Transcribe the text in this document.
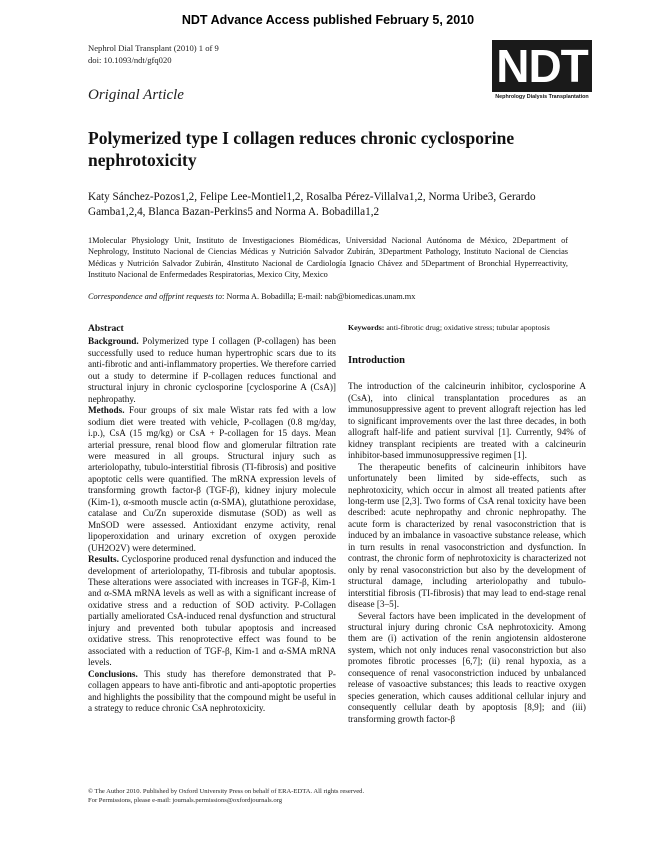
NDT Advance Access published February 5, 2010
Nephrol Dial Transplant (2010) 1 of 9
doi: 10.1093/ndt/gfq020	NDT
Nephrology Dialysis Transplantation
Original Article
Polymerized type I collagen reduces chronic cyclosporine nephrotoxicity
Katy Sánchez-Pozos1,2, Felipe Lee-Montiel1,2, Rosalba Pérez-Villalva1,2, Norma Uribe3, Gerardo Gamba1,2,4, Blanca Bazan-Perkins5 and Norma A. Bobadilla1,2
1Molecular Physiology Unit, Instituto de Investigaciones Biomédicas, Universidad Nacional Autónoma de México, 2Department of Nephrology, Instituto Nacional de Ciencias Médicas y Nutrición Salvador Zubirán, 3Department Pathology, Instituto Nacional de Ciencias Médicas y Nutrición Salvador Zubirán, 4Instituto Nacional de Cardiología Ignacio Chávez and 5Department of Bronchial Hyperreactivity, Instituto Nacional de Enfermedades Respiratorias, Mexico City, Mexico
Correspondence and offprint requests to: Norma A. Bobadilla; E-mail: nab@biomedicas.unam.mx
Abstract

Background. Polymerized type I collagen (P-collagen) has been successfully used to reduce human hypertrophic scars due to its anti-fibrotic and anti-inflammatory properties. We therefore carried out a study to determine if P-collagen reduces functional and structural injury in chronic cyclosporine [cyclosporine A (CsA)] nephropathy.

Methods. Four groups of six male Wistar rats fed with a low sodium diet were treated with vehicle, P-collagen (0.8 mg/day, i.p.), CsA (15 mg/kg) or CsA + P-collagen for 15 days. Mean arterial pressure, renal blood flow and glomerular filtration rate were measured in all groups. Structural injury such as arteriolopathy, tubulo-interstitial fibrosis (TI-fibrosis) and positive apoptotic cells were quantified. The mRNA expression levels of transforming growth factor-β (TGF-β), kidney injury molecule (Kim-1), α-smooth muscle actin (α-SMA), glutathione peroxidase, catalase and Cu/Zn superoxide dismutase (SOD) as well as MnSOD were assessed. Antioxidant enzyme activity, renal lipoperoxidation and urinary excretion of oxygen peroxide (UH2O2V) were determined.

Results. Cyclosporine produced renal dysfunction and induced the development of arteriolopathy, TI-fibrosis and tubular apoptosis. These alterations were associated with increases in TGF-β, Kim-1 and α-SMA mRNA levels as well as with a significant increase of oxidative stress and a reduction of SOD activity. P-Collagen partially ameliorated CsA-induced renal dysfunction and structural injury and prevented both tubular apoptosis and increased oxidative stress. This renoprotective effect was found to be associated with a reduction of TGF-β, Kim-1 and α-SMA mRNA levels.

Conclusions. This study has therefore demonstrated that P-collagen appears to have anti-fibrotic and anti-apoptotic properties and highlights the possibility that the compound might be useful in a strategy to reduce chronic CsA nephrotoxicity.

Keywords: anti-fibrotic drug; oxidative stress; tubular apoptosis
Introduction

The introduction of the calcineurin inhibitor, cyclosporine A (CsA), into clinical transplantation procedures as an immunosuppressive agent to prevent allograft rejection has led to significant improvements over the last three decades, in both allograft half-life and patient survival [1]. Currently, 94% of kidney transplant recipients are treated with a calcineurin inhibitor-based immunosuppressive regimen [1].

The therapeutic benefits of calcineurin inhibitors have unfortunately been limited by side-effects, such as nephrotoxicity, which occur in almost all treated patients after long-term use [2,3]. Two forms of CsA renal toxicity have been described: acute nephropathy and chronic nephropathy. The acute form is characterized by renal vasoconstriction that is induced by an imbalance in vasoactive substance release, which in turn results in renal vasoconstriction and dysfunction. In contrast, the chronic form of nephrotoxicity is characterized not only by renal vasoconstriction but also by the development of structural damage, including arteriolopathy and tubulo-interstitial fibrosis (TI-fibrosis) that may lead to end-stage renal disease [3–5].

Several factors have been implicated in the development of structural injury during chronic CsA nephrotoxicity. Among them are (i) activation of the renin angiotensin aldosterone system, which not only induces renal vasoconstriction but also promotes fibrotic processes [6,7]; (ii) renal hypoxia, as a consequence of renal vasoconstriction induced by unbalanced release of vasoactive substances; this leads to reactive oxygen species generation, which causes additional cellular injury and consequently cellular death by apoptosis [8,9]; and (iii) transforming growth factor-β

© The Author 2010. Published by Oxford University Press on behalf of ERA-EDTA. All rights reserved.
For Permissions, please e-mail: journals.permissions@oxfordjournals.org
